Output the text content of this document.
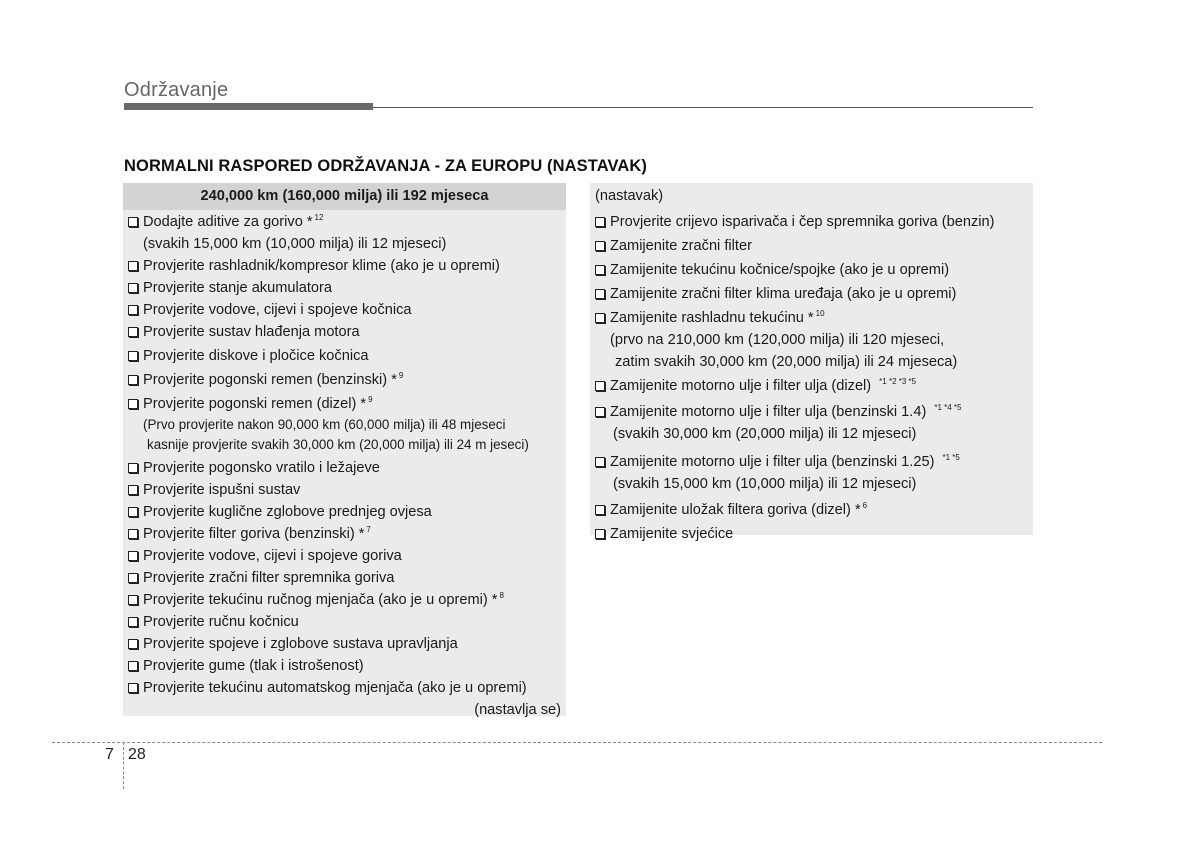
Održavanje
NORMALNI RASPORED ODRŽAVANJA - ZA EUROPU (NASTAVAK)
240,000 km (160,000 milja) ili 192 mjeseca
Dodajte aditive za gorivo * $^{12}$
(svakih 15,000 km (10,000 milja) ili 12 mjeseci)
Provjerite rashladnik/kompresor klime (ako je u opremi)
Provjerite stanje akumulatora
Provjerite vodove, cijevi i spojeve kočnica
Provjerite sustav hlađenja motora
Provjerite diskove i pločice kočnica
Provjerite pogonski remen (benzinski) * $^9$
Provjerite pogonski remen (dizel) * $^9$
(Prvo provjerite nakon 90,000 km (60,000 milja) ili 48 mjeseci
kasnije provjerite svakih 30,000 km (20,000 milja) ili 24 m jeseci)
Provjerite pogonsko vratilo i ležajeve
Provjerite ispušni sustav
Provjerite kuglične zglobove prednjeg ovjesa
Provjerite filter goriva (benzinski) * $^7$
Provjerite vodove, cijevi i spojeve goriva
Provjerite zračni filter spremnika goriva
Provjerite tekućinu ručnog mjenjača (ako je u opremi) * $^8$
Provjerite ručnu kočnicu
Provjerite spojeve i zglobove sustava upravljanja
Provjerite gume (tlak i istrošenost)
Provjerite tekućinu automatskog mjenjača (ako je u opremi)
(nastavlja se)
(nastavak)
Provjerite crijevo isparivača i čep spremnika goriva (benzin)
Zamijenite zračni filter
Zamijenite tekućinu kočnice/spojke (ako je u opremi)
Zamijenite zračni filter klima uređaja (ako je u opremi)
Zamijenite rashladnu tekućinu * $^{10}$
(prvo na 210,000 km (120,000 milja) ili 120 mjeseci,
zatim svakih 30,000 km (20,000 milja) ili 24 mjeseca)
Zamijenite motorno ulje i filter ulja (dizel) $^{*1 *2 *3 *5}$
Zamijenite motorno ulje i filter ulja (benzinski 1.4) $^{*1 *4 *5}$
(svakih 30,000 km (20,000 milja) ili 12 mjeseci)
Zamijenite motorno ulje i filter ulja (benzinski 1.25) $^{*1 *5}$
(svakih 15,000 km (10,000 milja) ili 12 mjeseci)
Zamijenite uložak filtera goriva (dizel) * $^6$
Zamijenite svjećice
7 28
